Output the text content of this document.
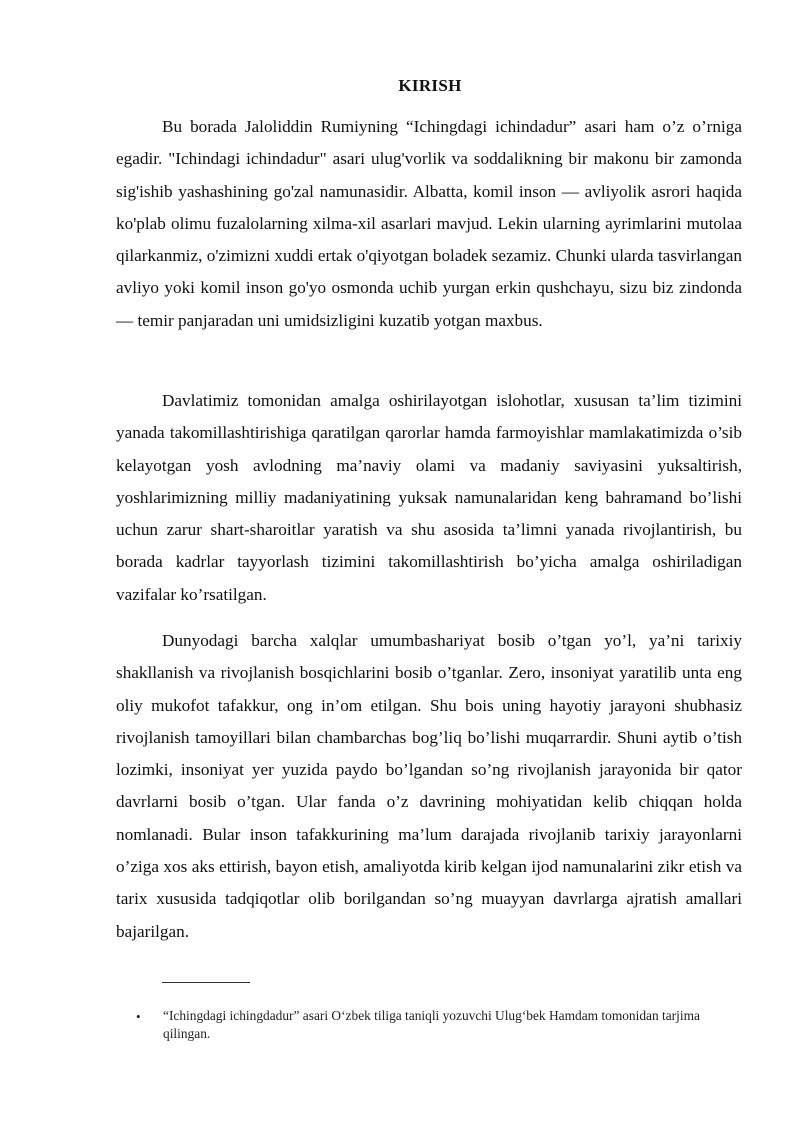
KIRISH

Bu borada Jaloliddin Rumiyning “Ichingdagi ichindadur” asari ham o’z o’rniga egadir. "Ichindagi ichindadur" asari ulug'vorlik va soddalikning bir makonu bir zamonda sig'ishib yashashining go'zal namunasidir. Albatta, komil inson — avliyolik asrori haqida ko'plab olimu fuzalolarning xilma-xil asarlari mavjud. Lekin ularning ayrimlarini mutolaa qilarkanmiz, o'zimizni xuddi ertak o'qiyotgan boladek sezamiz. Chunki ularda tasvirlangan avliyo yoki komil inson go'yo osmonda uchib yurgan erkin qushchayu, sizu biz zindonda — temir panjaradan uni umidsizligini kuzatib yotgan maxbus.

Davlatimiz tomonidan amalga oshirilayotgan islohotlar, xususan ta’lim tizimini yanada takomillashtirishiga qaratilgan qarorlar hamda farmoyishlar mamlakatimizda o’sib kelayotgan yosh avlodning ma’naviy olami va madaniy saviyasini yuksaltirish, yoshlarimizning milliy madaniyatining yuksak namunalaridan keng bahramand bo’lishi uchun zarur shart-sharoitlar yaratish va shu asosida ta’limni yanada rivojlantirish, bu borada kadrlar tayyorlash tizimini takomillashtirish bo’yicha amalga oshiriladigan vazifalar ko’rsatilgan.

Dunyodagi barcha xalqlar umumbashariyat bosib o’tgan yo’l, ya’ni tarixiy shakllanish va rivojlanish bosqichlarini bosib o’tganlar. Zero, insoniyat yaratilib unta eng oliy mukofot tafakkur, ong in’om etilgan. Shu bois uning hayotiy jarayoni shubhasiz rivojlanish tamoyillari bilan chambarchas bog’liq bo’lishi muqarrardir. Shuni aytib o’tish lozimki, insoniyat yer yuzida paydo bo’lgandan so’ng rivojlanish jarayonida bir qator davrlarni bosib o’tgan. Ular fanda o’z davrining mohiyatidan kelib chiqqan holda nomlanadi. Bular inson tafakkurining ma’lum darajada rivojlanib tarixiy jarayonlarni o’ziga xos aks ettirish, bayon etish, amaliyotda kirib kelgan ijod namunalarini zikr etish va tarix xususida tadqiqotlar olib borilgandan so’ng muayyan davrlarga ajratish amallari bajarilgan.

• “Ichingdagi ichingdadur” asari O‘zbek tiligа taniqli yozuvchi Ulug‘bek Hamdam tomonidan tarjima qilingan.
